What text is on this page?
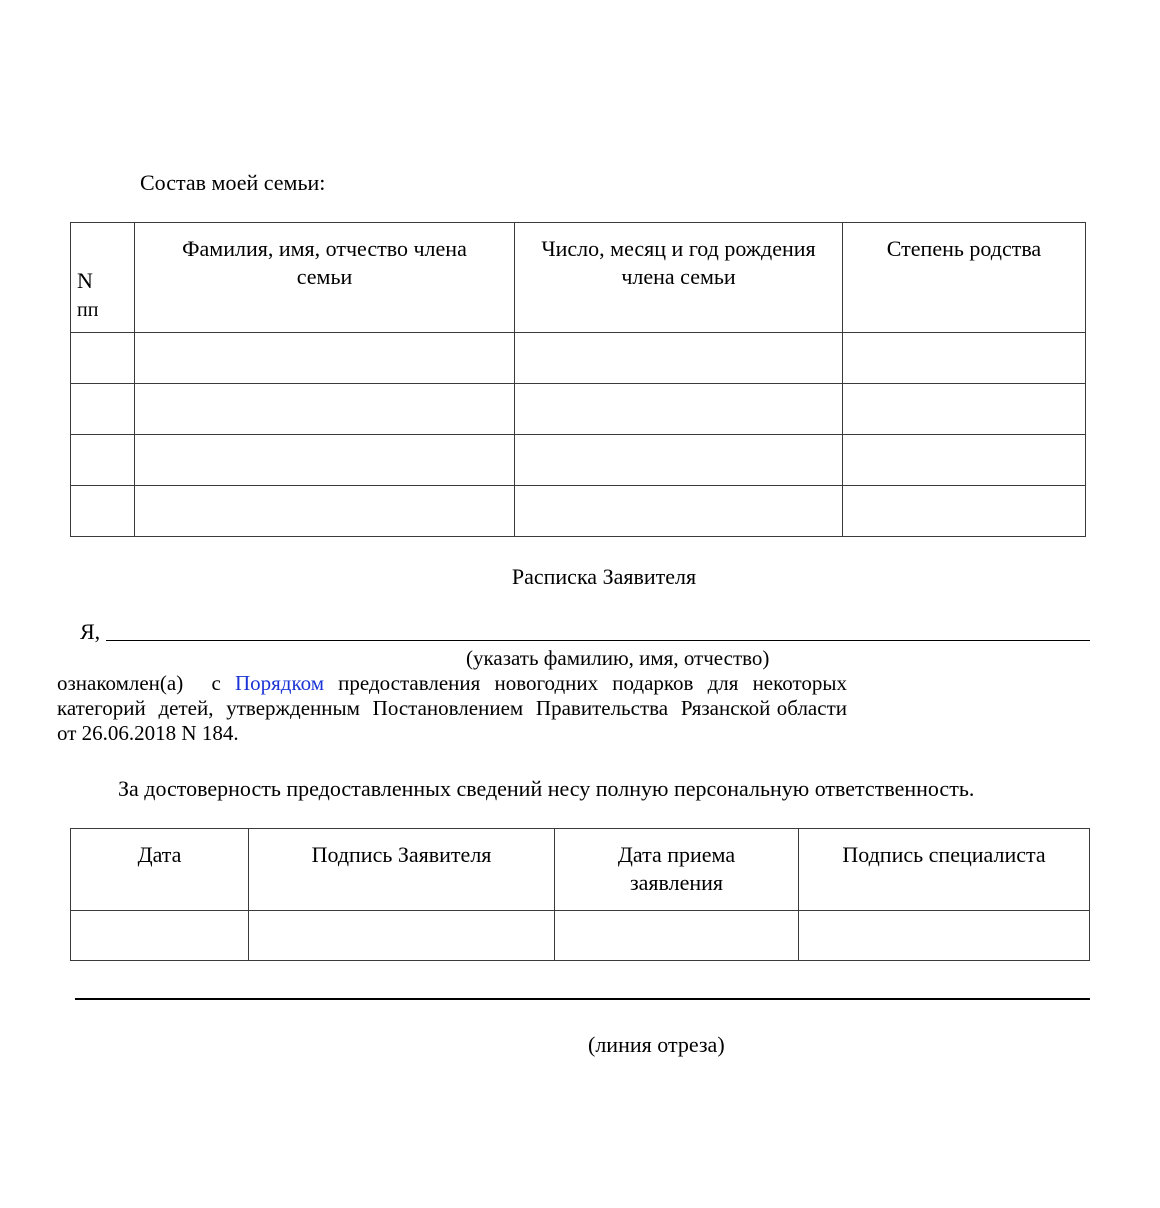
Состав моей семьи:
N
пп	Фамилия, имя, отчество члена семьи	Число, месяц и год рождения члена семьи	Степень родства

Расписка Заявителя
Я,
(указать фамилию, имя, отчество)
ознакомлен(а)  с Порядком предоставления новогодних подарков для некоторых категорий  детей,  утвержденным  Постановлением  Правительства  Рязанской области от 26.06.2018 N 184.
За достоверность предоставленных сведений несу полную персональную ответственность.
Дата	Подпись Заявителя	Дата приема заявления	Подпись специалиста

(линия отреза)
